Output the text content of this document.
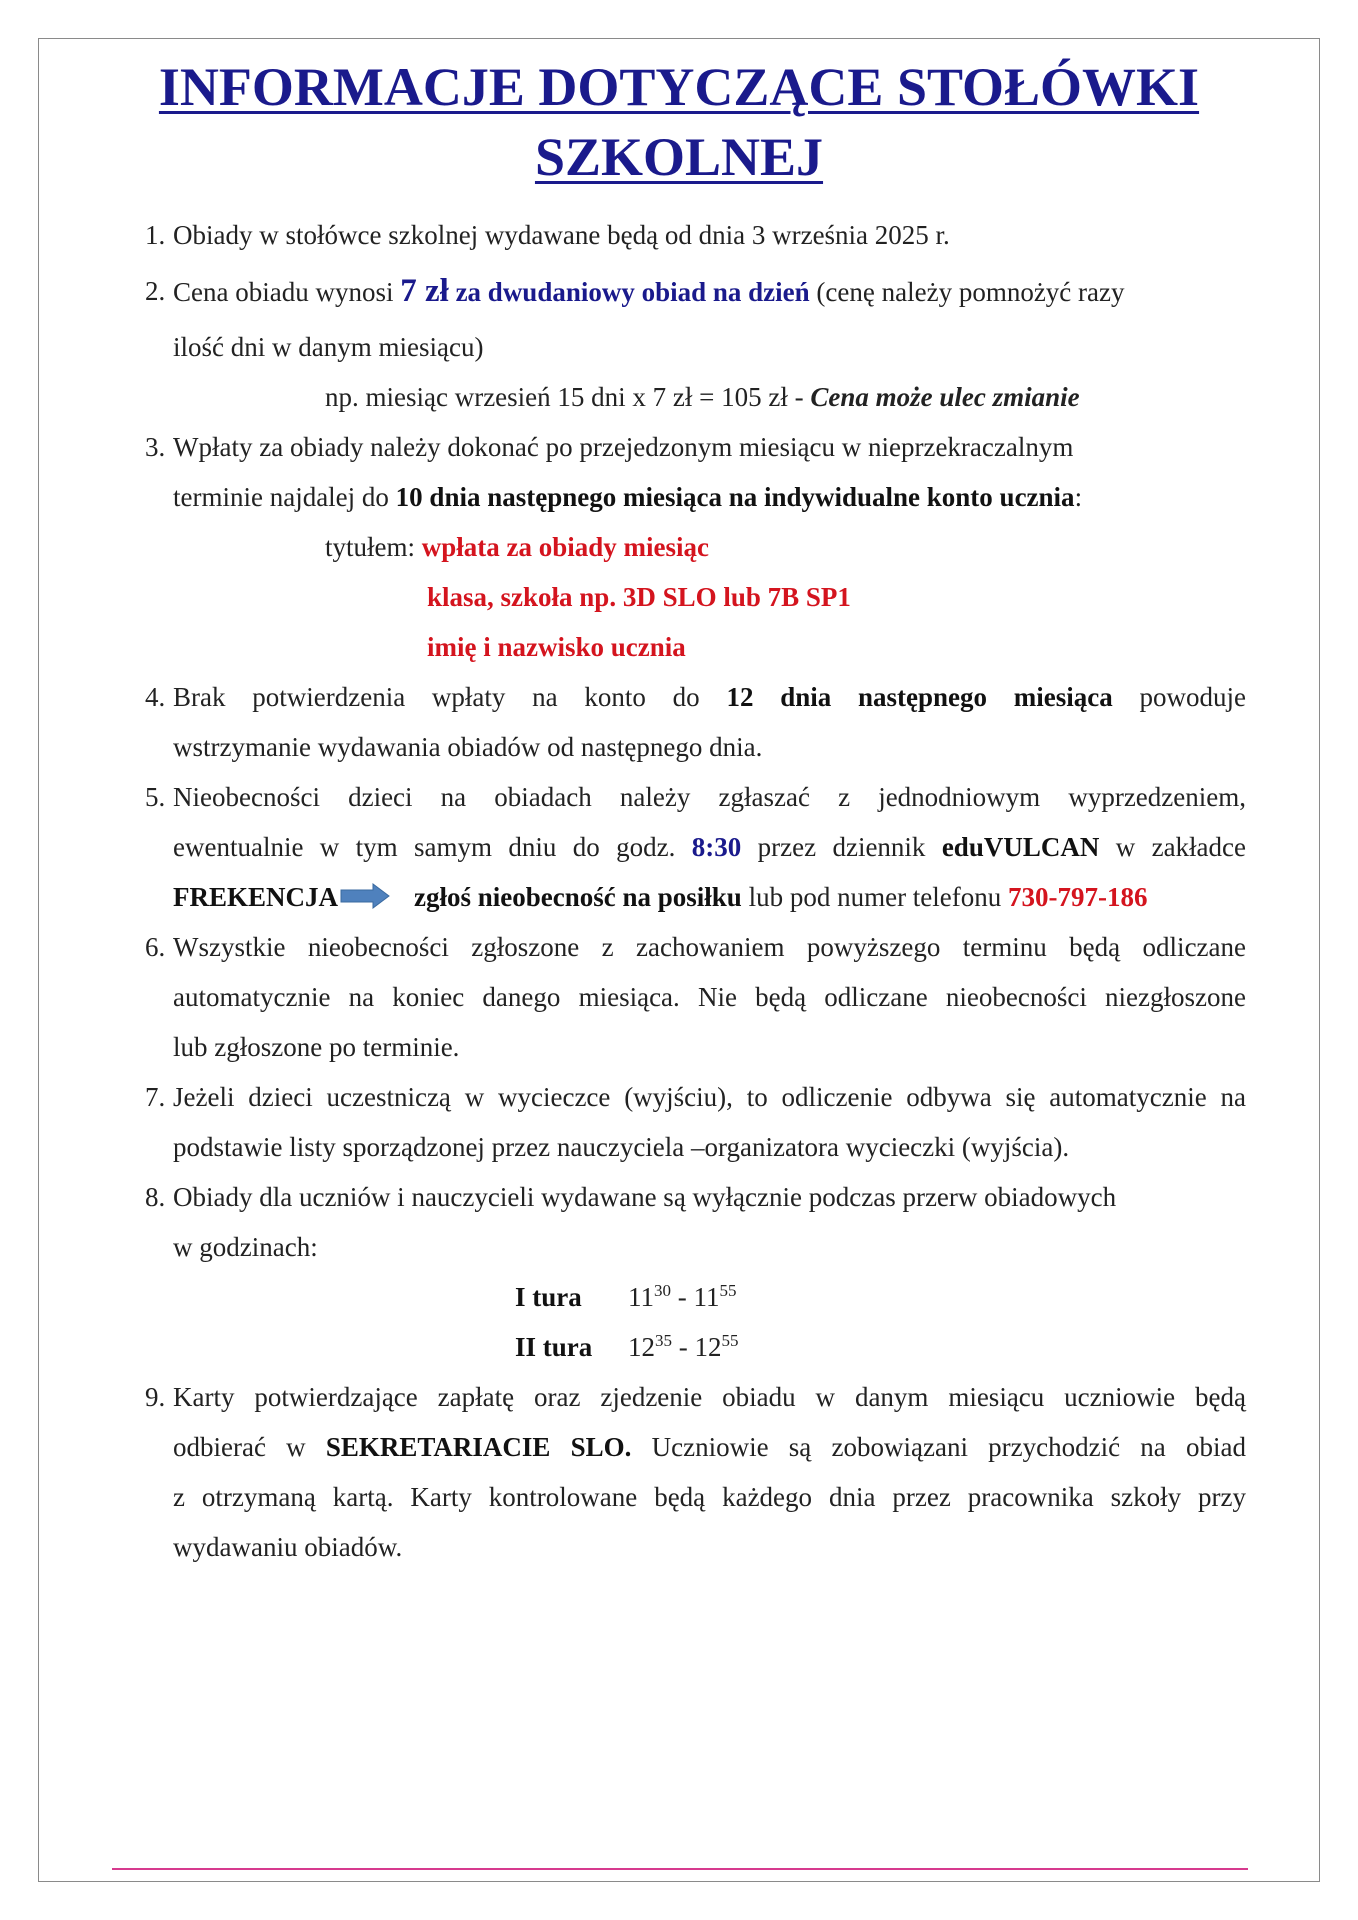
INFORMACJE DOTYCZĄCE STOŁÓWKI
SZKOLNEJ
1. Obiady w stołówce szkolnej wydawane będą od dnia 3 września 2025 r.
2. Cena obiadu wynosi 7 zł za dwudaniowy obiad na dzień (cenę należy pomnożyć razy
ilość dni w danym miesiącu)
np. miesiąc wrzesień 15 dni x 7 zł = 105 zł - Cena może ulec zmianie
3. Wpłaty za obiady należy dokonać po przejedzonym miesiącu w nieprzekraczalnym
terminie najdalej do 10 dnia następnego miesiąca na indywidualne konto ucznia:
tytułem: wpłata za obiady miesiąc
klasa, szkoła np. 3D SLO lub 7B SP1
imię i nazwisko ucznia
4. Brak potwierdzenia wpłaty na konto do 12 dnia następnego miesiąca powoduje
wstrzymanie wydawania obiadów od następnego dnia.
5. Nieobecności dzieci na obiadach należy zgłaszać z jednodniowym wyprzedzeniem,
ewentualnie w tym samym dniu do godz. 8:30 przez dziennik eduVULCAN w zakładce
FREKENCJA	zgłoś nieobecność na posiłku lub pod numer telefonu 730-797-186
6. Wszystkie nieobecności zgłoszone z zachowaniem powyższego terminu będą odliczane
automatycznie na koniec danego miesiąca. Nie będą odliczane nieobecności niezgłoszone
lub zgłoszone po terminie.
7. Jeżeli dzieci uczestniczą w wycieczce (wyjściu), to odliczenie odbywa się automatycznie na
podstawie listy sporządzonej przez nauczyciela –organizatora wycieczki (wyjścia).
8. Obiady dla uczniów i nauczycieli wydawane są wyłącznie podczas przerw obiadowych
w godzinach:
I tura $11^{30} - 11^{55}$
II tura $12^{35} - 12^{55}$
9. Karty potwierdzające zapłatę oraz zjedzenie obiadu w danym miesiącu uczniowie będą
odbierać w SEKRETARIACIE SLO. Uczniowie są zobowiązani przychodzić na obiad
z otrzymaną kartą. Karty kontrolowane będą każdego dnia przez pracownika szkoły przy
wydawaniu obiadów.
